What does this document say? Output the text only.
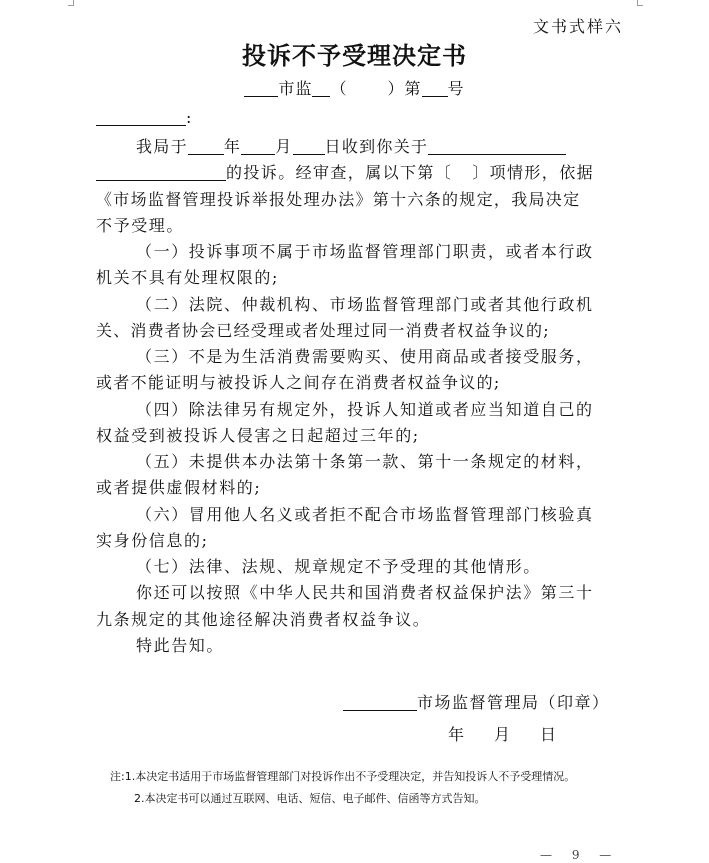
文书式样六
投诉不予受理决定书
市监 （	）第 号
:
我局于 年 月 日收到你关于
的投诉。经审查，属以下第〔 〕项情形，依据
《市场监督管理投诉举报处理办法》第十六条的规定，我局决定
不予受理。
（一）投诉事项不属于市场监督管理部门职责，或者本行政
机关不具有处理权限的;
（二）法院、仲裁机构、市场监督管理部门或者其他行政机
关、消费者协会已经受理或者处理过同一消费者权益争议的;
（三）不是为生活消费需要购买、使用商品或者接受服务，
或者不能证明与被投诉人之间存在消费者权益争议的;
（四）除法律另有规定外，投诉人知道或者应当知道自己的
权益受到被投诉人侵害之日起超过三年的;
（五）未提供本办法第十条第一款、第十一条规定的材料，
或者提供虚假材料的;
（六）冒用他人名义或者拒不配合市场监督管理部门核验真
实身份信息的;
（七）法律、法规、规章规定不予受理的其他情形。
你还可以按照《中华人民共和国消费者权益保护法》第三十
九条规定的其他途径解决消费者权益争议。
特此告知。
市场监督管理局（印章）
年 月 日
注:1.本决定书适用于市场监督管理部门对投诉作出不予受理决定，并告知投诉人不予受理情况。
2.本决定书可以通过互联网、电话、短信、电子邮件、信函等方式告知。
— 9 —
